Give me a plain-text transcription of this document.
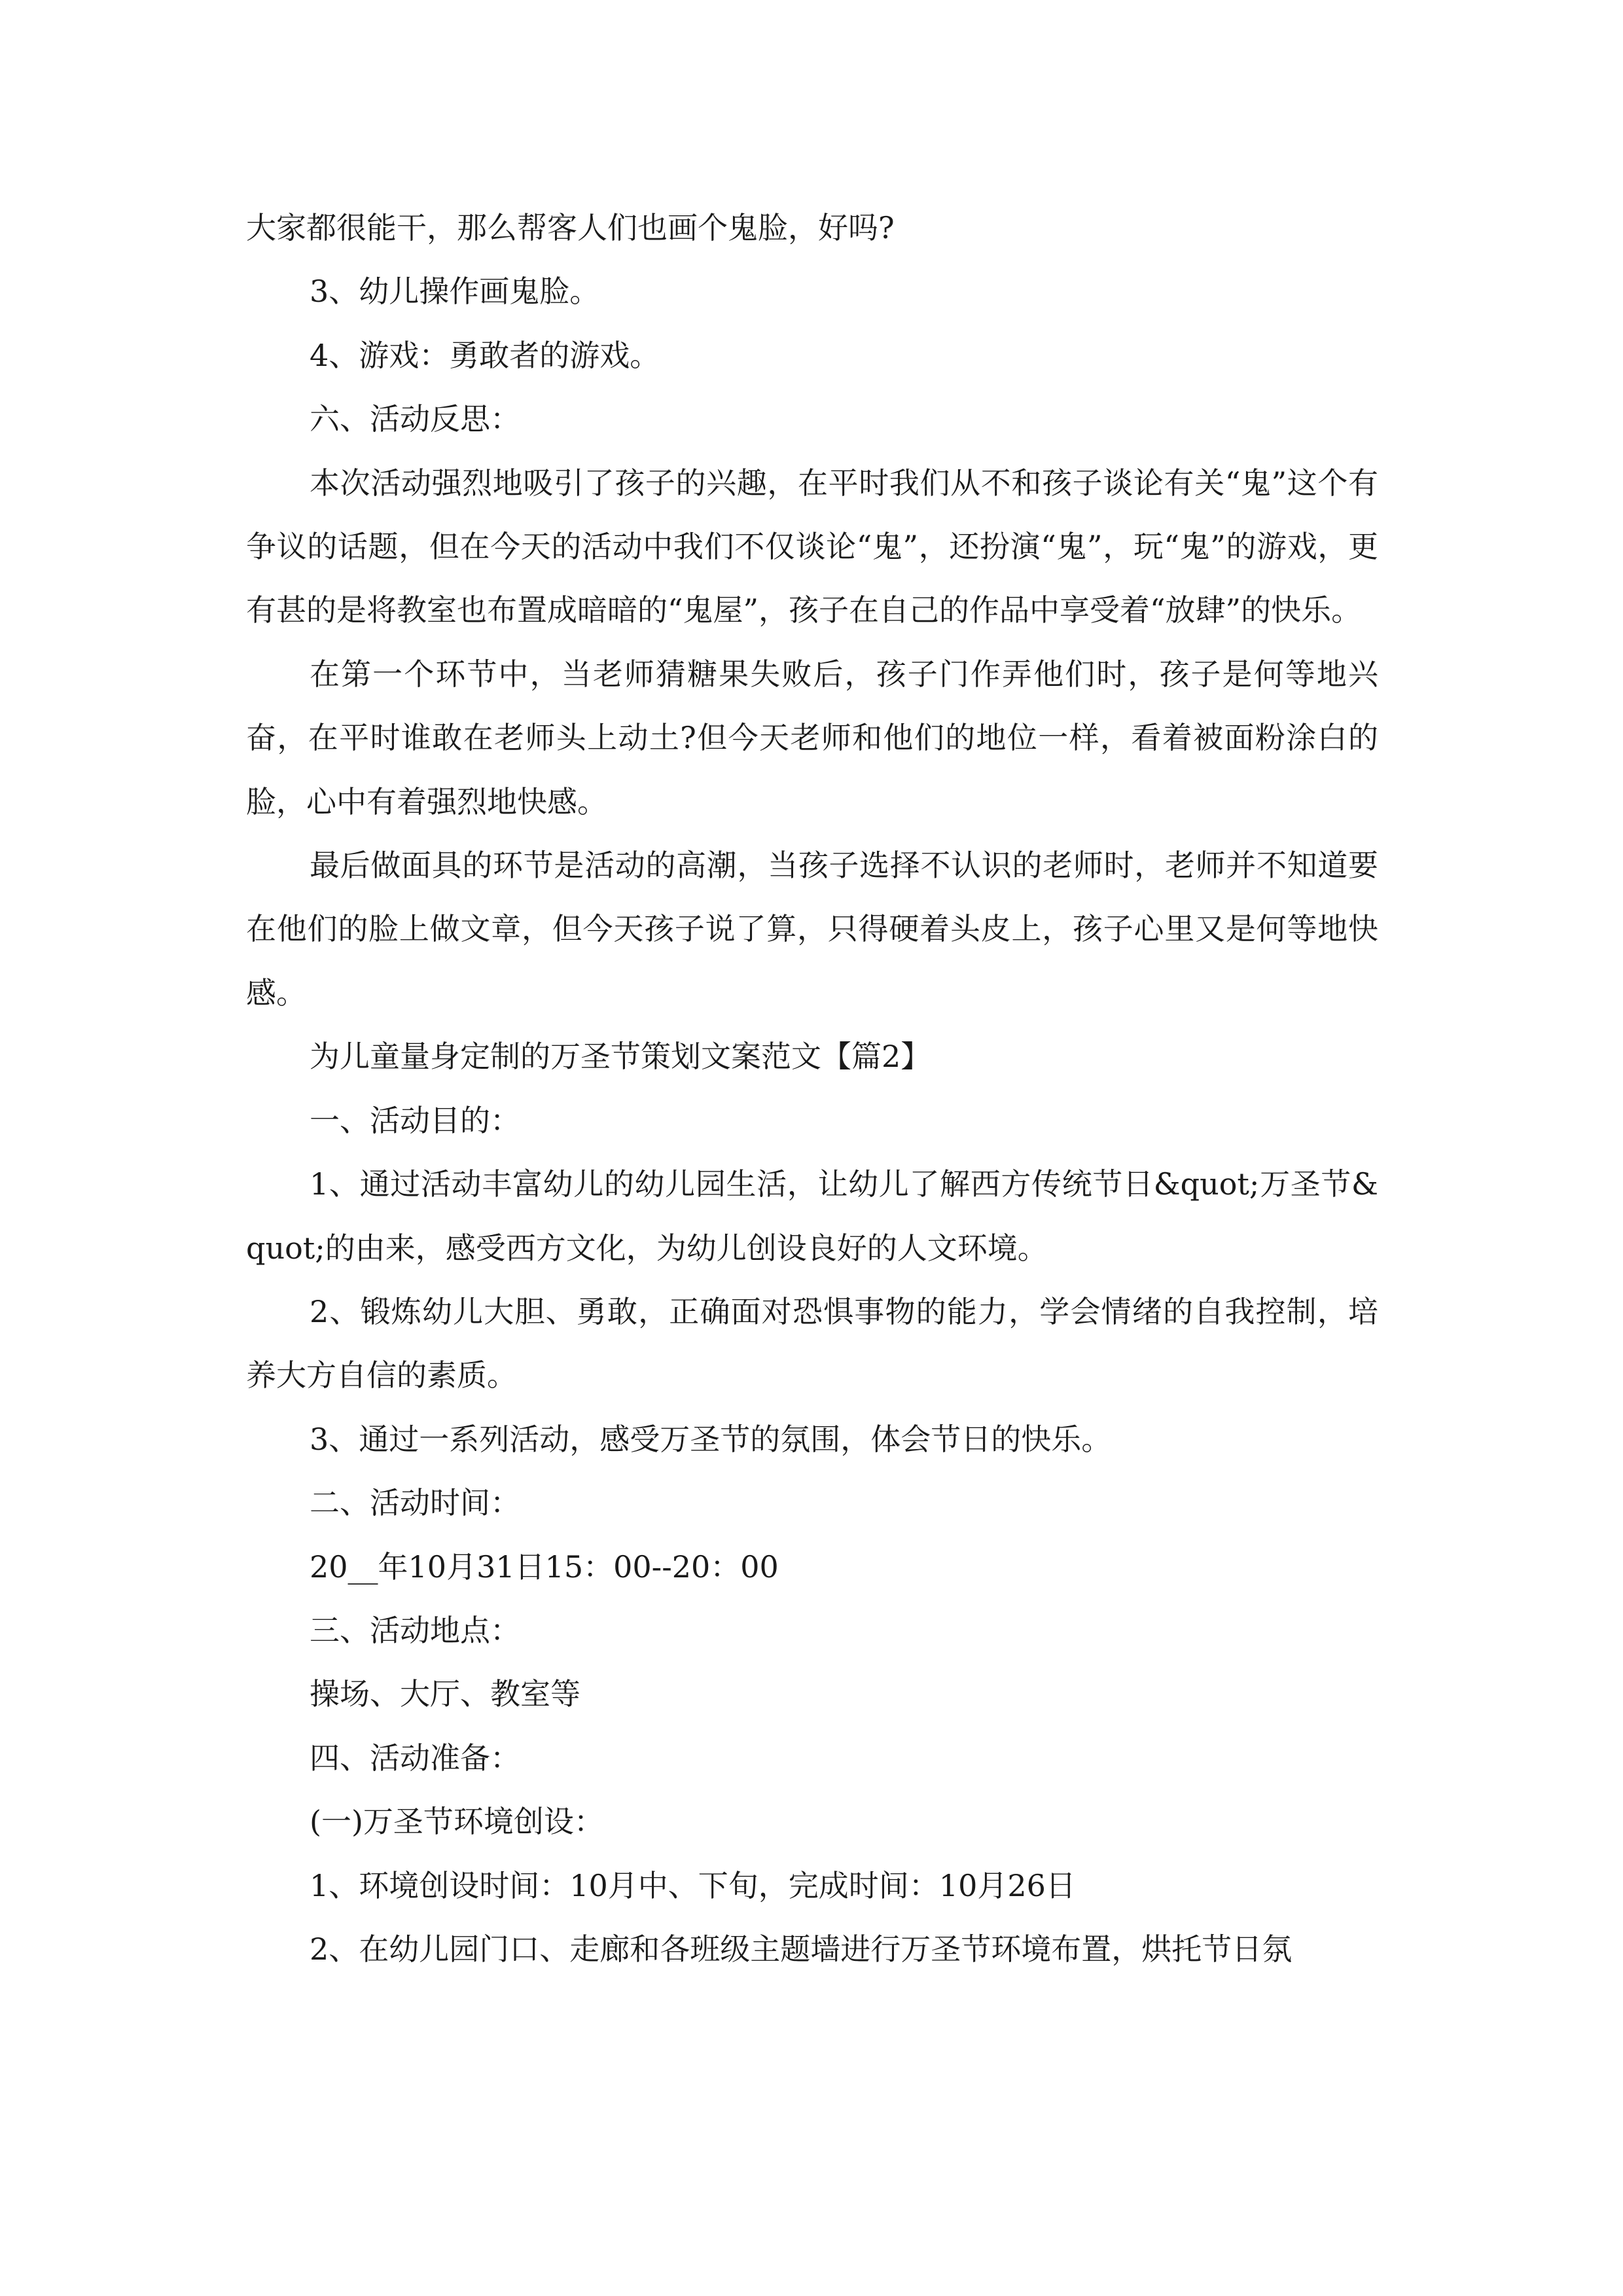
大家都很能干，那么帮客人们也画个鬼脸，好吗?

3、幼儿操作画鬼脸。

4、游戏：勇敢者的游戏。

六、活动反思：

本次活动强烈地吸引了孩子的兴趣，在平时我们从不和孩子谈论有关“鬼”这个有争议的话题，但在今天的活动中我们不仅谈论“鬼”，还扮演“鬼”，玩“鬼”的游戏，更有甚的是将教室也布置成暗暗的“鬼屋”，孩子在自己的作品中享受着“放肆”的快乐。

在第一个环节中，当老师猜糖果失败后，孩子门作弄他们时，孩子是何等地兴奋，在平时谁敢在老师头上动土?但今天老师和他们的地位一样，看着被面粉涂白的脸，心中有着强烈地快感。

最后做面具的环节是活动的高潮，当孩子选择不认识的老师时，老师并不知道要在他们的脸上做文章，但今天孩子说了算，只得硬着头皮上，孩子心里又是何等地快感。

为儿童量身定制的万圣节策划文案范文【篇2】

一、活动目的：

1、通过活动丰富幼儿的幼儿园生活，让幼儿了解西方传统节日&quot;万圣节&quot;的由来，感受西方文化，为幼儿创设良好的人文环境。

2、锻炼幼儿大胆、勇敢，正确面对恐惧事物的能力，学会情绪的自我控制，培养大方自信的素质。

3、通过一系列活动，感受万圣节的氛围，体会节日的快乐。

二、活动时间：

20__年10月31日15：00--20：00

三、活动地点：

操场、大厅、教室等

四、活动准备：

(一)万圣节环境创设：

1、环境创设时间：10月中、下旬，完成时间：10月26日

2、在幼儿园门口、走廊和各班级主题墙进行万圣节环境布置，烘托节日氛
